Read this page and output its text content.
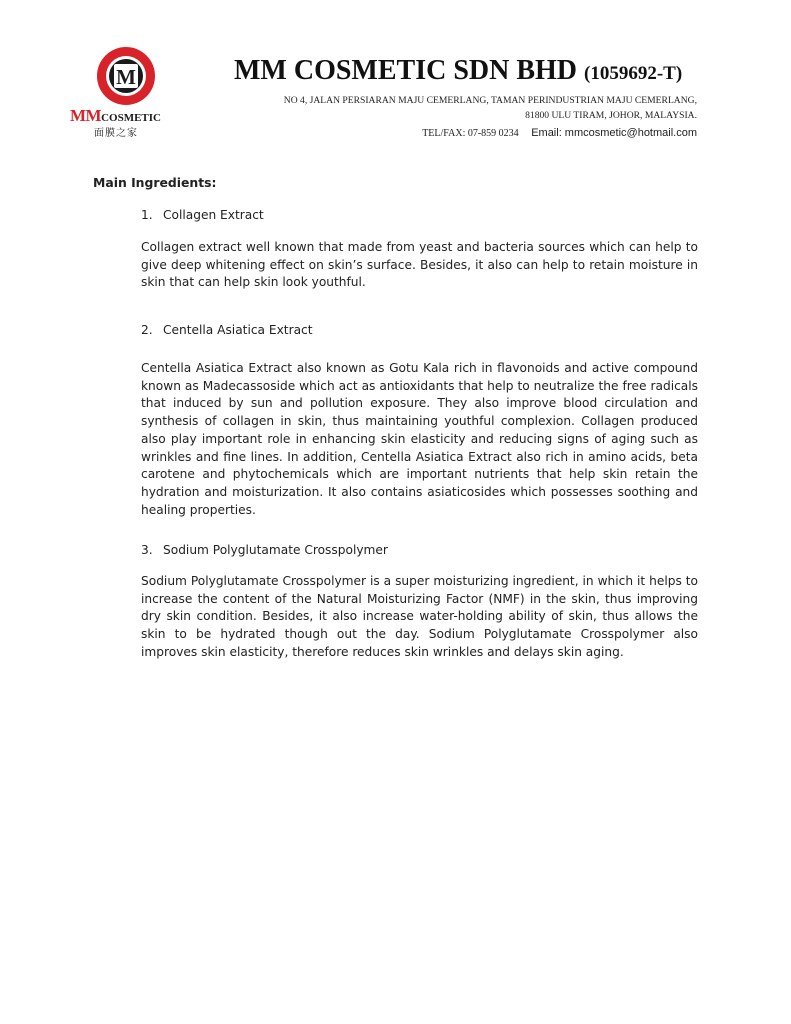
M
MMCOSMETIC
面膜之家
MM COSMETIC SDN BHD (1059692-T)
NO 4, JALAN PERSIARAN MAJU CEMERLANG, TAMAN PERINDUSTRIAN MAJU CEMERLANG,
81800 ULU TIRAM, JOHOR, MALAYSIA.
TEL/FAX: 07-859 0234 Email: mmcosmetic@hotmail.com
Main Ingredients:
1. Collagen Extract

Collagen extract well known that made from yeast and bacteria sources which can help to give deep whitening effect on skin’s surface. Besides, it also can help to retain moisture in skin that can help skin look youthful.

2. Centella Asiatica Extract

Centella Asiatica Extract also known as Gotu Kala rich in flavonoids and active compound known as Madecassoside which act as antioxidants that help to neutralize the free radicals that induced by sun and pollution exposure. They also improve blood circulation and synthesis of collagen in skin, thus maintaining youthful complexion. Collagen produced also play important role in enhancing skin elasticity and reducing signs of aging such as wrinkles and fine lines. In addition, Centella Asiatica Extract also rich in amino acids, beta carotene and phytochemicals which are important nutrients that help skin retain the hydration and moisturization. It also contains asiaticosides which possesses soothing and healing properties.

3. Sodium Polyglutamate Crosspolymer

Sodium Polyglutamate Crosspolymer is a super moisturizing ingredient, in which it helps to increase the content of the Natural Moisturizing Factor (NMF) in the skin, thus improving dry skin condition. Besides, it also increase water-holding ability of skin, thus allows the skin to be hydrated though out the day. Sodium Polyglutamate Crosspolymer also improves skin elasticity, therefore reduces skin wrinkles and delays skin aging.
